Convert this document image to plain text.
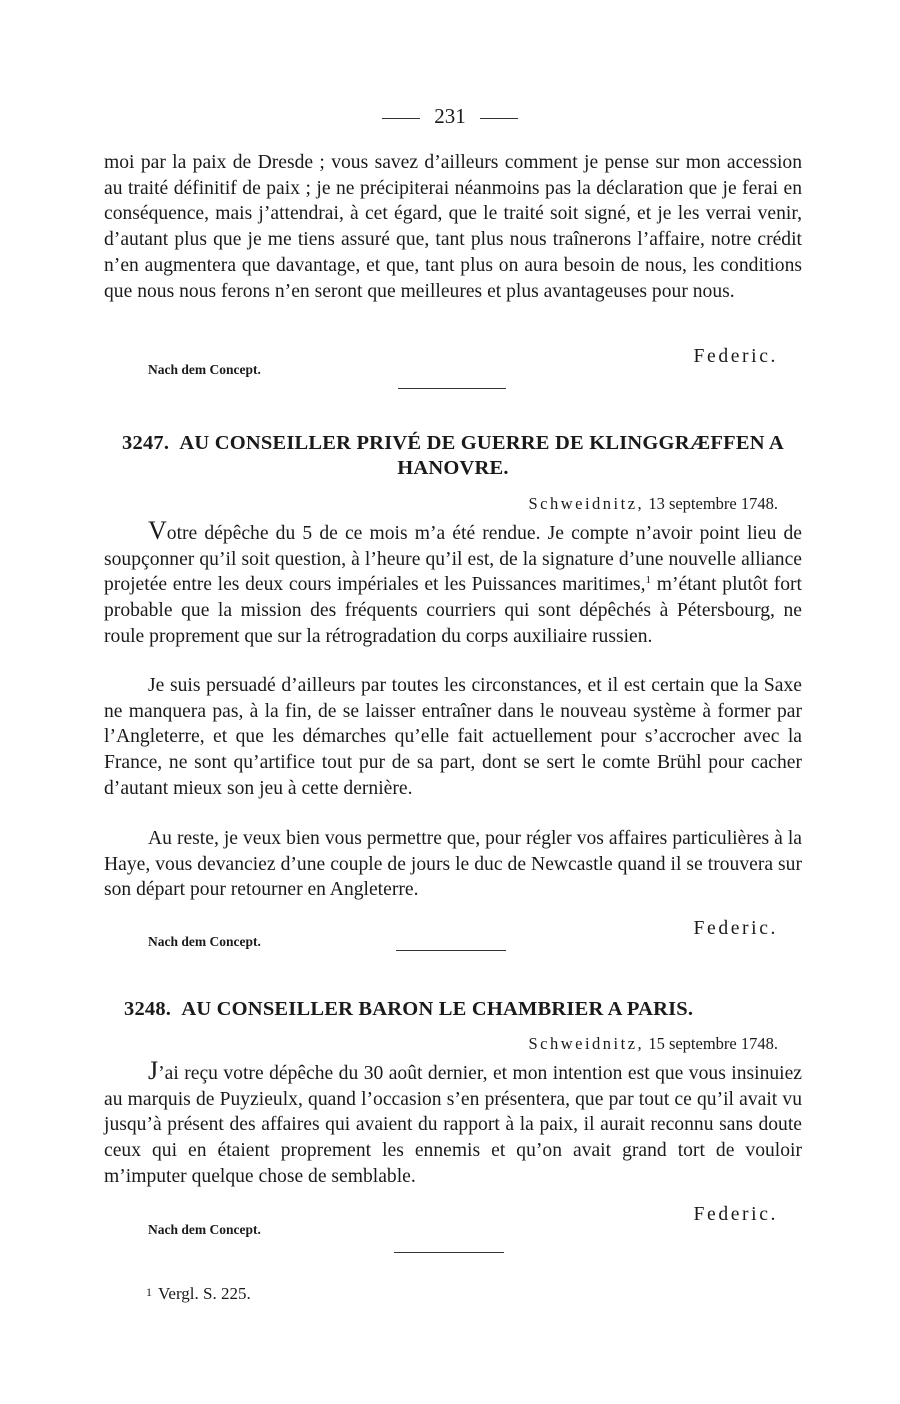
231

moi par la paix de Dresde ; vous savez d’ailleurs comment je pense sur mon accession au traité définitif de paix ; je ne précipiterai néanmoins pas la déclaration que je ferai en conséquence, mais j’attendrai, à cet égard, que le traité soit signé, et je les verrai venir, d’autant plus que je me tiens assuré que, tant plus nous traînerons l’affaire, notre crédit n’en augmentera que davantage, et que, tant plus on aura besoin de nous, les conditions que nous nous ferons n’en seront que meilleures et plus avantageuses pour nous.

Federic.
Nach dem Concept.
3247. AU CONSEILLER PRIVÉ DE GUERRE DE KLINGGRÆFFEN A HANOVRE.
Schweidnitz, 13 septembre 1748.

Votre dépêche du 5 de ce mois m’a été rendue. Je compte n’avoir point lieu de soupçonner qu’il soit question, à l’heure qu’il est, de la signature d’une nouvelle alliance projetée entre les deux cours impériales et les Puissances maritimes,$^1$ m’étant plutôt fort probable que la mission des fréquents courriers qui sont dépêchés à Pétersbourg, ne roule proprement que sur la rétrogradation du corps auxiliaire russien.

Je suis persuadé d’ailleurs par toutes les circonstances, et il est certain que la Saxe ne manquera pas, à la fin, de se laisser entraîner dans le nouveau système à former par l’Angleterre, et que les démarches qu’elle fait actuellement pour s’accrocher avec la France, ne sont qu’artifice tout pur de sa part, dont se sert le comte Brühl pour cacher d’autant mieux son jeu à cette dernière.

Au reste, je veux bien vous permettre que, pour régler vos affaires particulières à la Haye, vous devanciez d’une couple de jours le duc de Newcastle quand il se trouvera sur son départ pour retourner en Angleterre.

Federic.
Nach dem Concept.
3248. AU CONSEILLER BARON LE CHAMBRIER A PARIS.
Schweidnitz, 15 septembre 1748.

J’ai reçu votre dépêche du 30 août dernier, et mon intention est que vous insinuiez au marquis de Puyzieulx, quand l’occasion s’en présentera, que par tout ce qu’il avait vu jusqu’à présent des affaires qui avaient du rapport à la paix, il aurait reconnu sans doute ceux qui en étaient proprement les ennemis et qu’on avait grand tort de vouloir m’imputer quelque chose de semblable.

Federic.
Nach dem Concept.
1 Vergl. S. 225.
